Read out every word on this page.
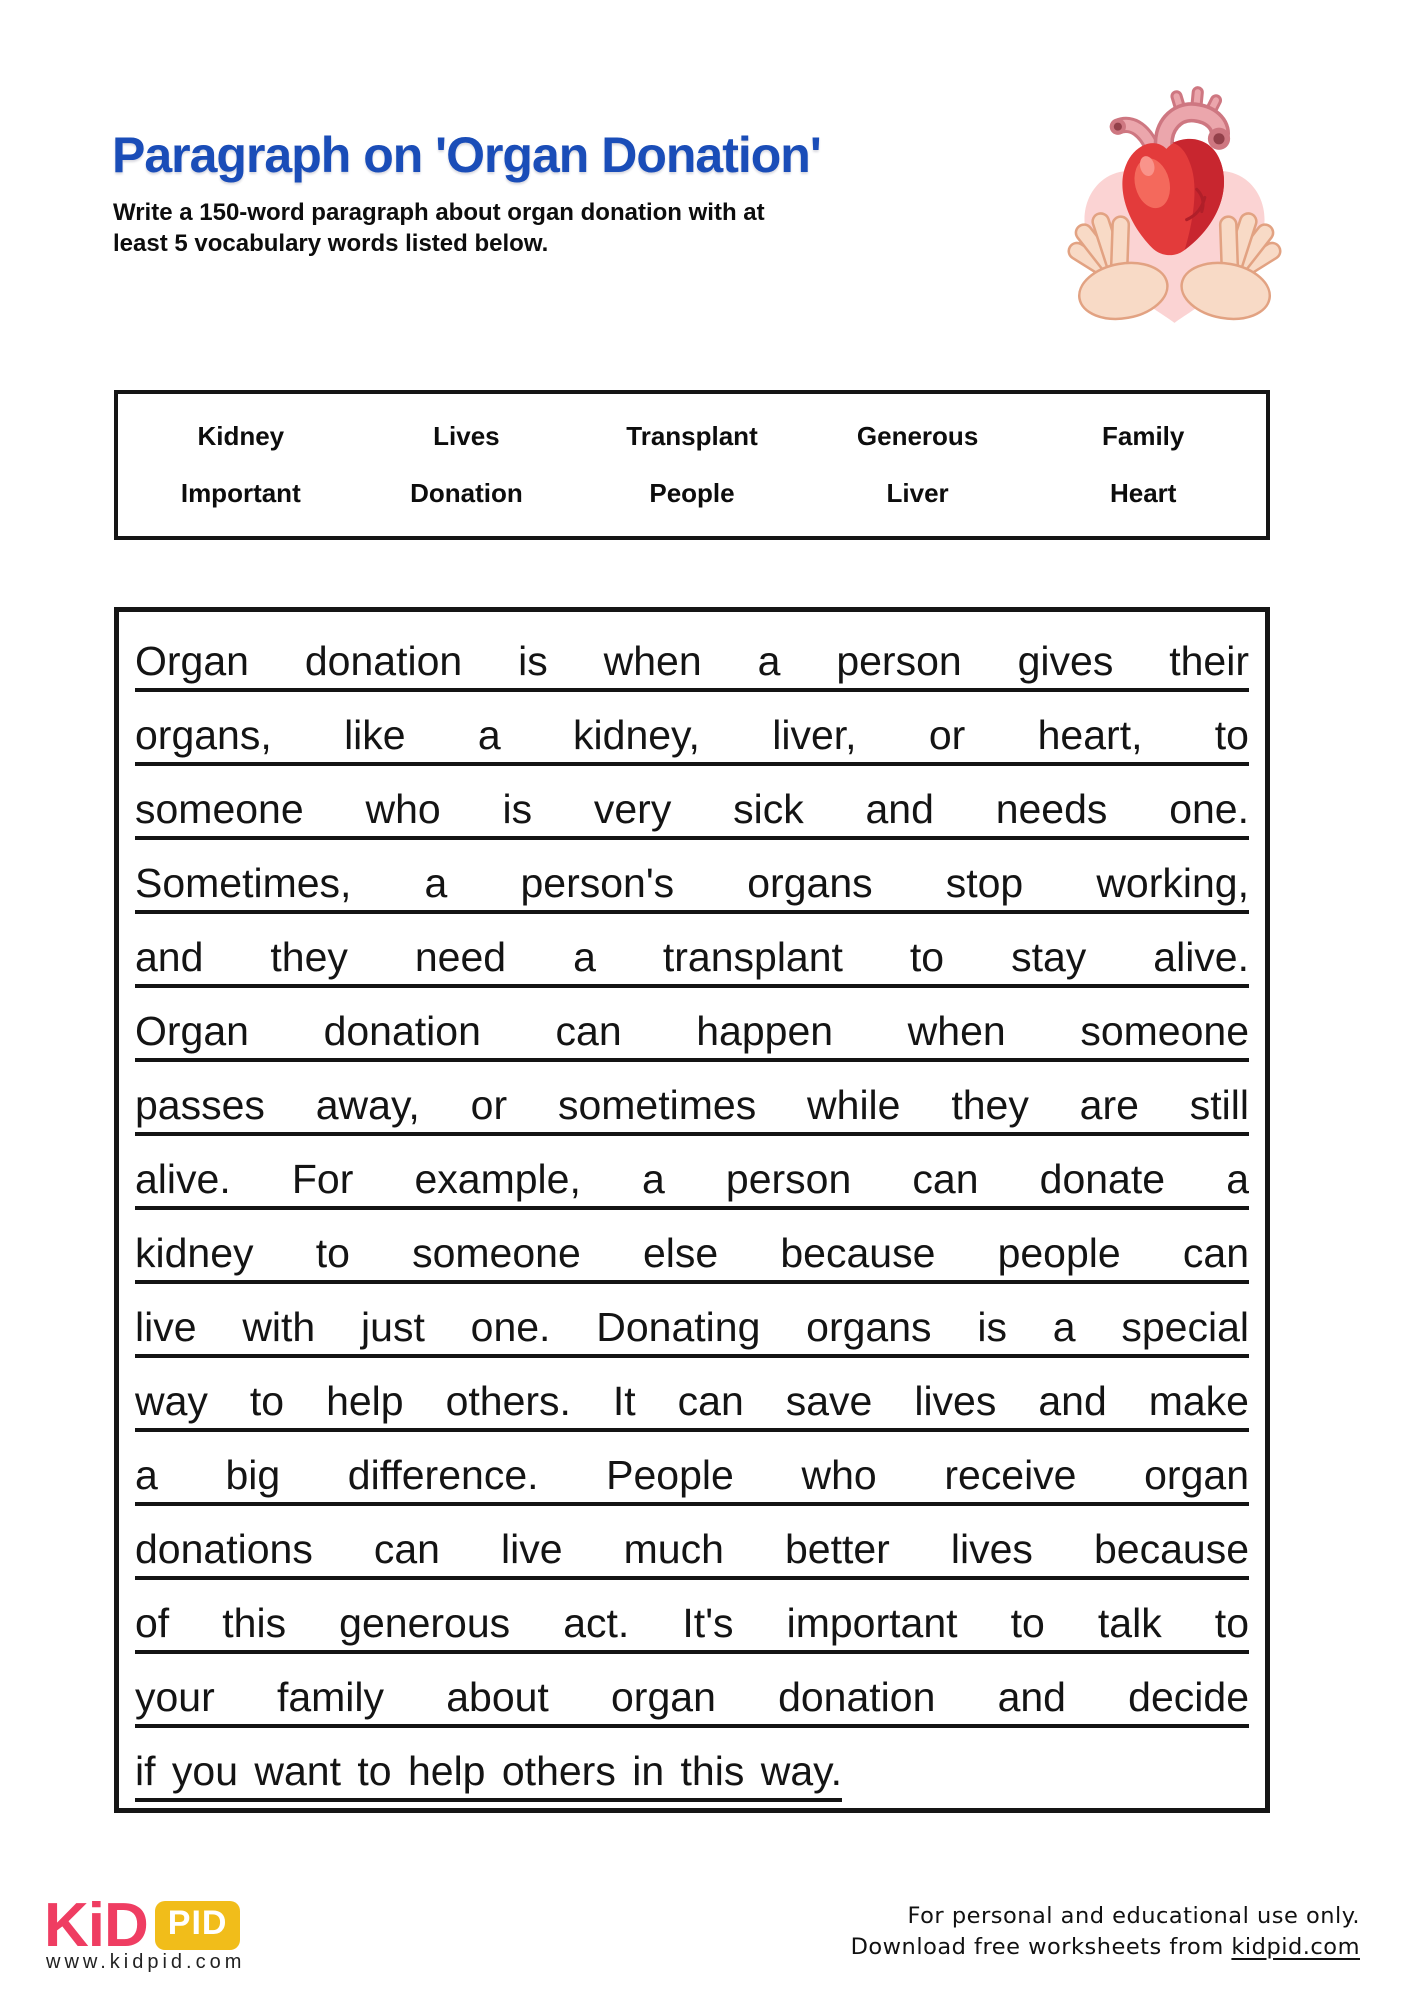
Paragraph on 'Organ Donation'
Write a 150-word paragraph about organ donation with at
least 5 vocabulary words listed below.
Kidney	Lives	Transplant	Generous	Family
Important	Donation	People	Liver	Heart
Organ donation is when a person gives their
organs, like a kidney, liver, or heart, to
someone who is very sick and needs one.
Sometimes, a person's organs stop working,
and they need a transplant to stay alive.
Organ donation can happen when someone
passes away, or sometimes while they are still
alive. For example, a person can donate a
kidney to someone else because people can
live with just one. Donating organs is a special
way to help others. It can save lives and make
a big difference. People who receive organ
donations can live much better lives because
of this generous act. It's important to talk to
your family about organ donation and decide
if you want to help others in this way.
KiD PID
www.kidpid.com
For personal and educational use only.
Download free worksheets from kidpid.com
